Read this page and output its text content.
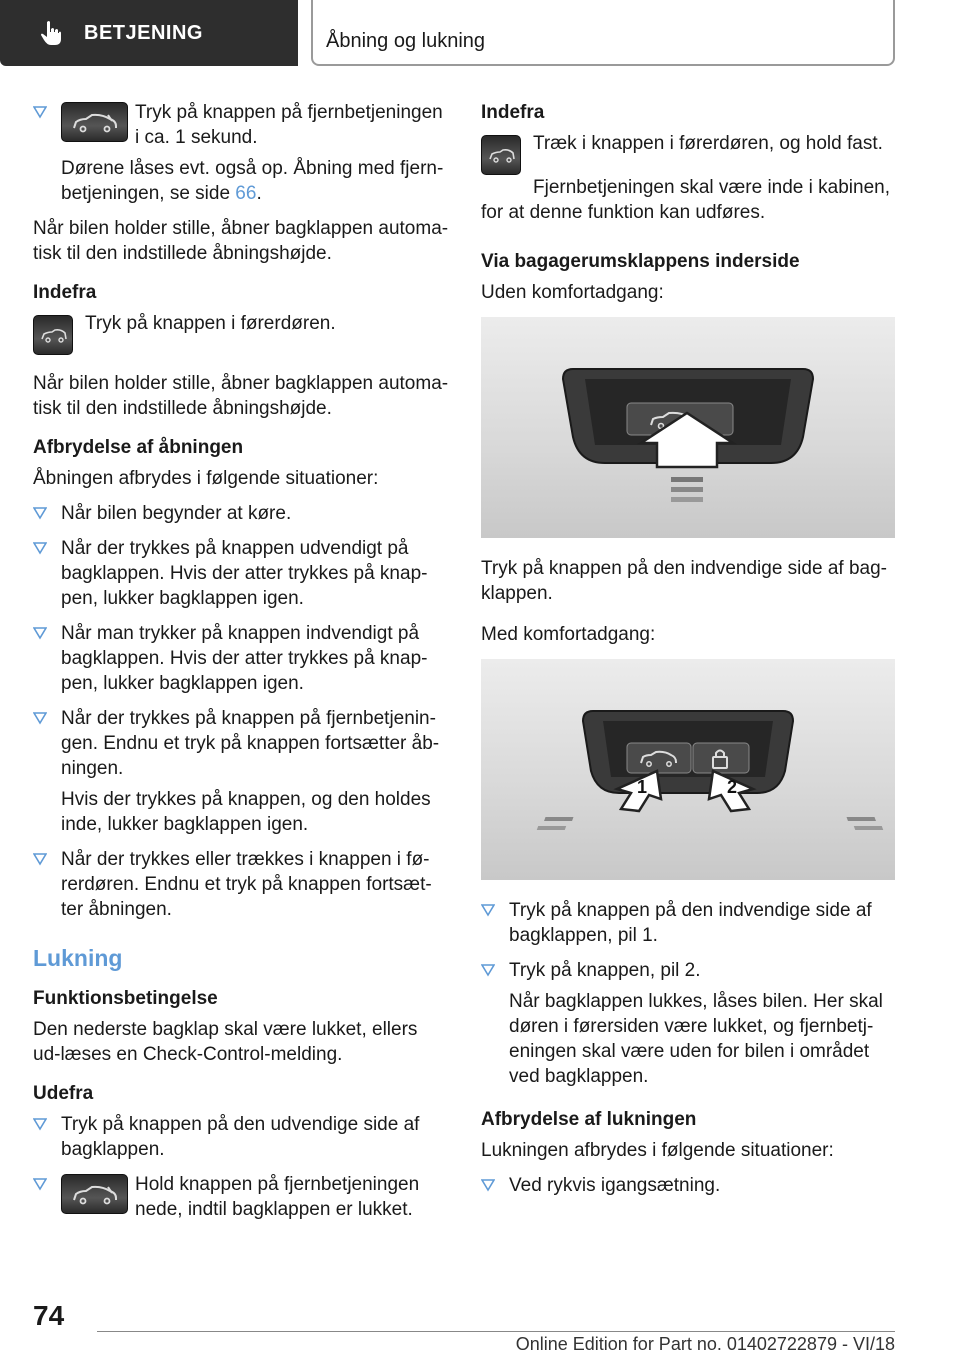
BETJENING	Åbning og lukning

Tryk på knappen på fjernbetjeningen i ca. 1 sekund.

Dørene låses evt. også op. Åbning med fjern‐betjeningen, se side 66.

Når bilen holder stille, åbner bagklappen automa‐tisk til den indstillede åbningshøjde.

Indefra

Tryk på knappen i førerdøren.

Når bilen holder stille, åbner bagklappen automa‐tisk til den indstillede åbningshøjde.

Afbrydelse af åbningen

Åbningen afbrydes i følgende situationer:

Når bilen begynder at køre.

Når der trykkes på knappen udvendigt på bagklappen. Hvis der atter trykkes på knap‐pen, lukker bagklappen igen.

Når man trykker på knappen indvendigt på bagklappen. Hvis der atter trykkes på knap‐pen, lukker bagklappen igen.

Når der trykkes på knappen på fjernbetjenin‐gen. Endnu et tryk på knappen fortsætter åb‐ningen.

Hvis der trykkes på knappen, og den holdes inde, lukker bagklappen igen.

Når der trykkes eller trækkes i knappen i fø‐rerdøren. Endnu et tryk på knappen fortsæt‐ter åbningen.

Lukning
Funktionsbetingelse

Den nederste bagklap skal være lukket, ellers ud‐læses en Check-Control-melding.

Udefra

Tryk på knappen på den udvendige side af bagklappen.

Hold knappen på fjernbetjeningen nede, indtil bagklappen er lukket.

Indefra

Træk i knappen i førerdøren, og hold fast.

Fjernbetjeningen skal være inde i kabinen, for at denne funktion kan udføres.

Via bagagerumsklappens inderside

Uden komfortadgang:

Tryk på knappen på den indvendige side af bag‐klappen.

Med komfortadgang:

1	2

Tryk på knappen på den indvendige side af bagklappen, pil 1.

Tryk på knappen, pil 2.

Når bagklappen lukkes, låses bilen. Her skal døren i førersiden være lukket, og fjernbetj‐eningen skal være uden for bilen i området ved bagklappen.

Afbrydelse af lukningen

Lukningen afbrydes i følgende situationer:

Ved rykvis igangsætning.

74
Online Edition for Part no. 01402722879 - VI/18
